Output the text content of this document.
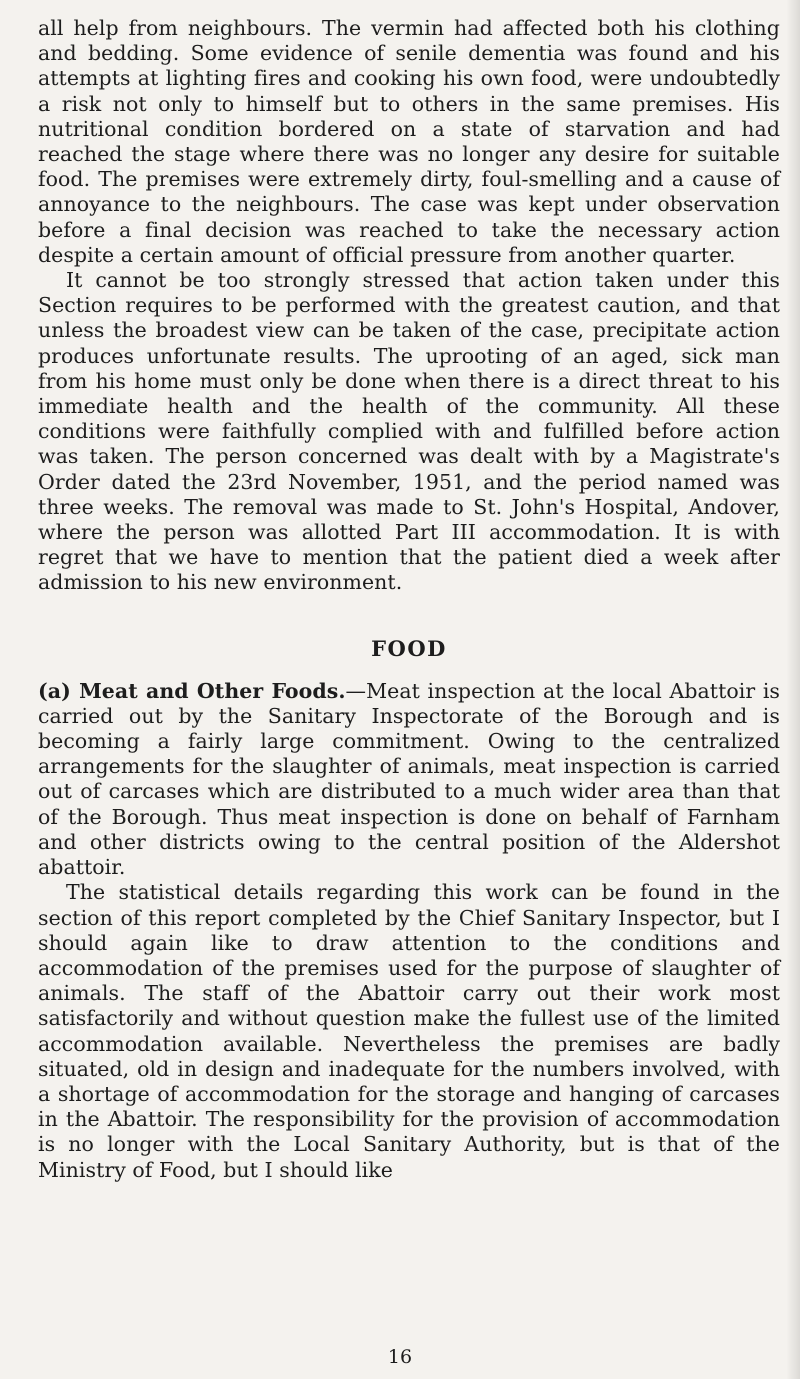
all help from neighbours. The vermin had affected both his clothing and bedding. Some evidence of senile dementia was found and his attempts at lighting fires and cooking his own food, were undoubtedly a risk not only to himself but to others in the same premises. His nutritional condition bordered on a state of starvation and had reached the stage where there was no longer any desire for suitable food. The premises were extremely dirty, foul-smelling and a cause of annoyance to the neighbours. The case was kept under observation before a final decision was reached to take the necessary action despite a certain amount of official pressure from another quarter.

It cannot be too strongly stressed that action taken under this Section requires to be performed with the greatest caution, and that unless the broadest view can be taken of the case, precipitate action produces unfortunate results. The uprooting of an aged, sick man from his home must only be done when there is a direct threat to his immediate health and the health of the community. All these conditions were faithfully complied with and fulfilled before action was taken. The person concerned was dealt with by a Magistrate's Order dated the 23rd November, 1951, and the period named was three weeks. The removal was made to St. John's Hospital, Andover, where the person was allotted Part III accommodation. It is with regret that we have to mention that the patient died a week after admission to his new environment.

FOOD

(a) Meat and Other Foods.—Meat inspection at the local Abattoir is carried out by the Sanitary Inspectorate of the Borough and is becoming a fairly large commitment. Owing to the centralized arrangements for the slaughter of animals, meat inspection is carried out of carcases which are distributed to a much wider area than that of the Borough. Thus meat inspection is done on behalf of Farnham and other districts owing to the central position of the Aldershot abattoir.

The statistical details regarding this work can be found in the section of this report completed by the Chief Sanitary Inspector, but I should again like to draw attention to the conditions and accommodation of the premises used for the purpose of slaughter of animals. The staff of the Abattoir carry out their work most satisfactorily and without question make the fullest use of the limited accommodation available. Nevertheless the premises are badly situated, old in design and inadequate for the numbers involved, with a shortage of accommodation for the storage and hanging of carcases in the Abattoir. The responsibility for the provision of accommodation is no longer with the Local Sanitary Authority, but is that of the Ministry of Food, but I should like

16
